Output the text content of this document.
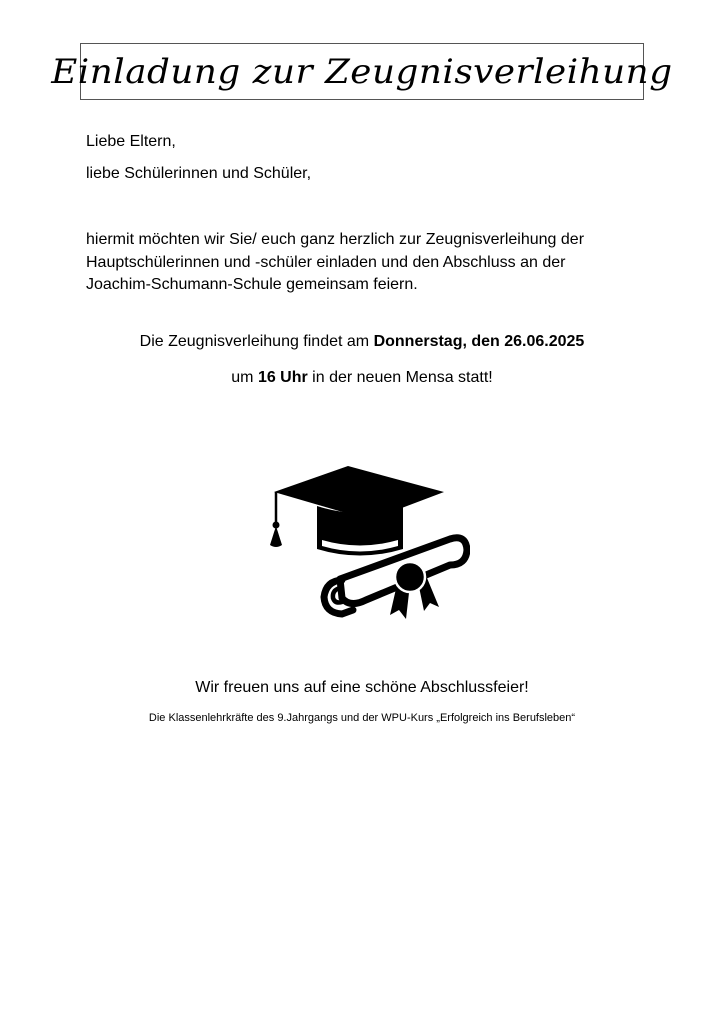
Einladung zur Zeugnisverleihung
Liebe Eltern,
liebe Schülerinnen und Schüler,
hiermit möchten wir Sie/ euch ganz herzlich zur Zeugnisverleihung der
Hauptschülerinnen und -schüler einladen und den Abschluss an der
Joachim-Schumann-Schule gemeinsam feiern.
Die Zeugnisverleihung findet am Donnerstag, den 26.06.2025
um 16 Uhr in der neuen Mensa statt!
Wir freuen uns auf eine schöne Abschlussfeier!
Die Klassenlehrkräfte des 9.Jahrgangs und der WPU-Kurs „Erfolgreich ins Berufsleben“
